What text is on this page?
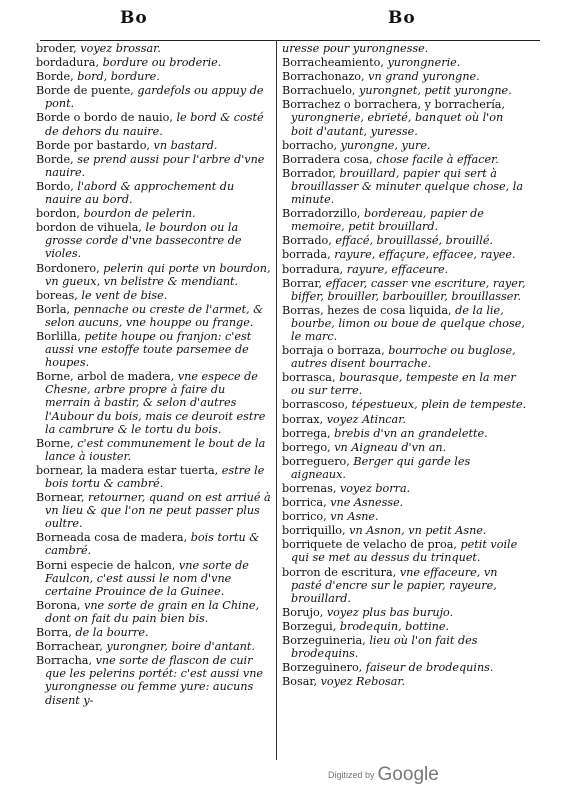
Bo	Bo
broder, voyez brossar.
bordadura, bordure ou broderie.
Borde, bord, bordure.
Borde de puente, gardefols ou appuy de pont.
Borde o bordo de nauio, le bord & costé de dehors du nauire.
Borde por bastardo, vn bastard.
Borde, se prend aussi pour l'arbre d'vne nauire.
Bordo, l'abord & approchement du nauire au bord.
bordon, bourdon de pelerin.
bordon de vihuela, le bourdon ou la grosse corde d'vne bassecontre de violes.
Bordonero, pelerin qui porte vn bourdon, vn gueux, vn belistre & mendiant.
boreas, le vent de bise.
Borla, pennache ou creste de l'armet, & selon aucuns, vne houppe ou frange.
Borlilla, petite houpe ou franjon: c'est aussi vne estoffe toute parsemee de houpes.
Borne, arbol de madera, vne espece de Chesne, arbre propre à faire du merrain à bastir, & selon d'autres l'Aubour du bois, mais ce deuroit estre la cambrure & le tortu du bois.
Borne, c'est communement le bout de la lance à iouster.
bornear, la madera estar tuerta, estre le bois tortu & cambré.
Bornear, retourner, quand on est arriué à vn lieu & que l'on ne peut passer plus oultre.
Borneada cosa de madera, bois tortu & cambré.
Borni especie de halcon, vne sorte de Faulcon, c'est aussi le nom d'vne certaine Prouince de la Guinee.
Borona, vne sorte de grain en la Chine, dont on fait du pain bien bis.
Borra, de la bourre.
Borrachear, yurongner, boire d'antant.
Borracha, vne sorte de flascon de cuir que les pelerins portét: c'est aussi vne yurongnesse ou femme yure: aucuns disent y-
uresse pour yurongnesse.
Borracheamiento, yurongnerie.
Borrachonazo, vn grand yurongne.
Borrachuelo, yurongnet, petit yurongne.
Borrachez o borrachera, y borrachería, yurongnerie, ebrieté, banquet où l'on boit d'autant, yuresse.
borracho, yurongne, yure.
Borradera cosa, chose facile à effacer.
Borrador, brouillard, papier qui sert à brouillasser & minuter quelque chose, la minute.
Borradorzillo, bordereau, papier de memoire, petit brouillard.
Borrado, effacé, brouillassé, brouillé.
borrada, rayure, effaçure, effacee, rayee.
borradura, rayure, effaceure.
Borrar, effacer, casser vne escriture, rayer, biffer, brouiller, barbouiller, brouillasser.
Borras, hezes de cosa liquida, de la lie, bourbe, limon ou boue de quelque chose, le marc.
borraja o borraza, bourroche ou buglose, autres disent bourrache.
borrasca, bourasque, tempeste en la mer ou sur terre.
borrascoso, tépestueux, plein de tempeste.
borrax, voyez Atincar.
borrega, brebis d'vn an grandelette.
borrego, vn Aigneau d'vn an.
borreguero, Berger qui garde les aigneaux.
borrenas, voyez borra.
borrica, vne Asnesse.
borrico, vn Asne.
borriquillo, vn Asnon, vn petit Asne.
borriquete de velacho de proa, petit voile qui se met au dessus du trinquet.
borron de escritura, vne effaceure, vn pasté d'encre sur le papier, rayeure, brouillard.
Borujo, voyez plus bas burujo.
Borzegui, brodequin, bottine.
Borzeguineria, lieu où l'on fait des brodequins.
Borzeguinero, faiseur de brodequins.
Bosar, voyez Rebosar.
Digitized by Google
